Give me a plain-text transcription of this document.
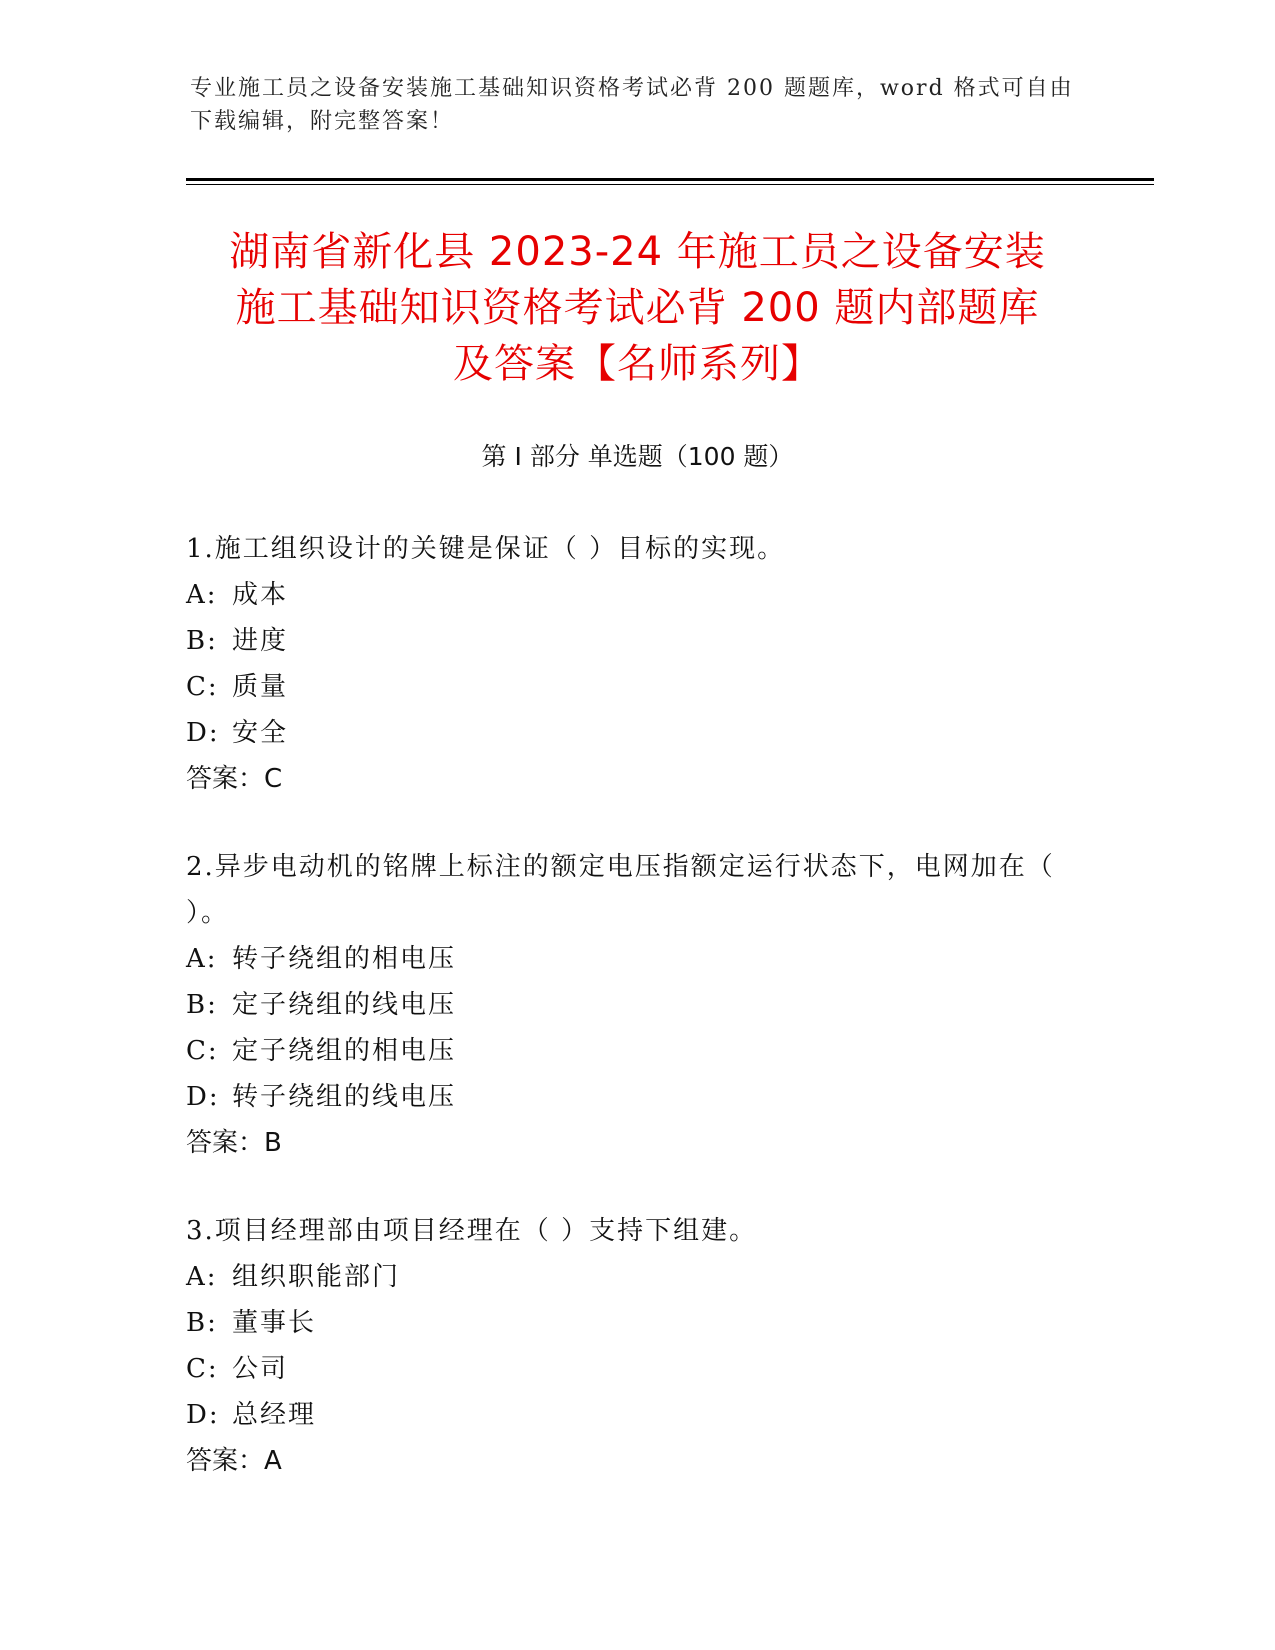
专业施工员之设备安装施工基础知识资格考试必背 200 题题库，word 格式可自由
下载编辑，附完整答案！
湖南省新化县 2023-24 年施工员之设备安装
施工基础知识资格考试必背 200 题内部题库
及答案【名师系列】
第 I 部分 单选题（100 题）
1.施工组织设计的关键是保证（ ）目标的实现。
A: 成本
B: 进度
C: 质量
D: 安全
答案：C
2.异步电动机的铭牌上标注的额定电压指额定运行状态下，电网加在（ ）。
A: 转子绕组的相电压
B: 定子绕组的线电压
C: 定子绕组的相电压
D: 转子绕组的线电压
答案：B
3.项目经理部由项目经理在（ ）支持下组建。
A: 组织职能部门
B: 董事长
C: 公司
D: 总经理
答案：A
